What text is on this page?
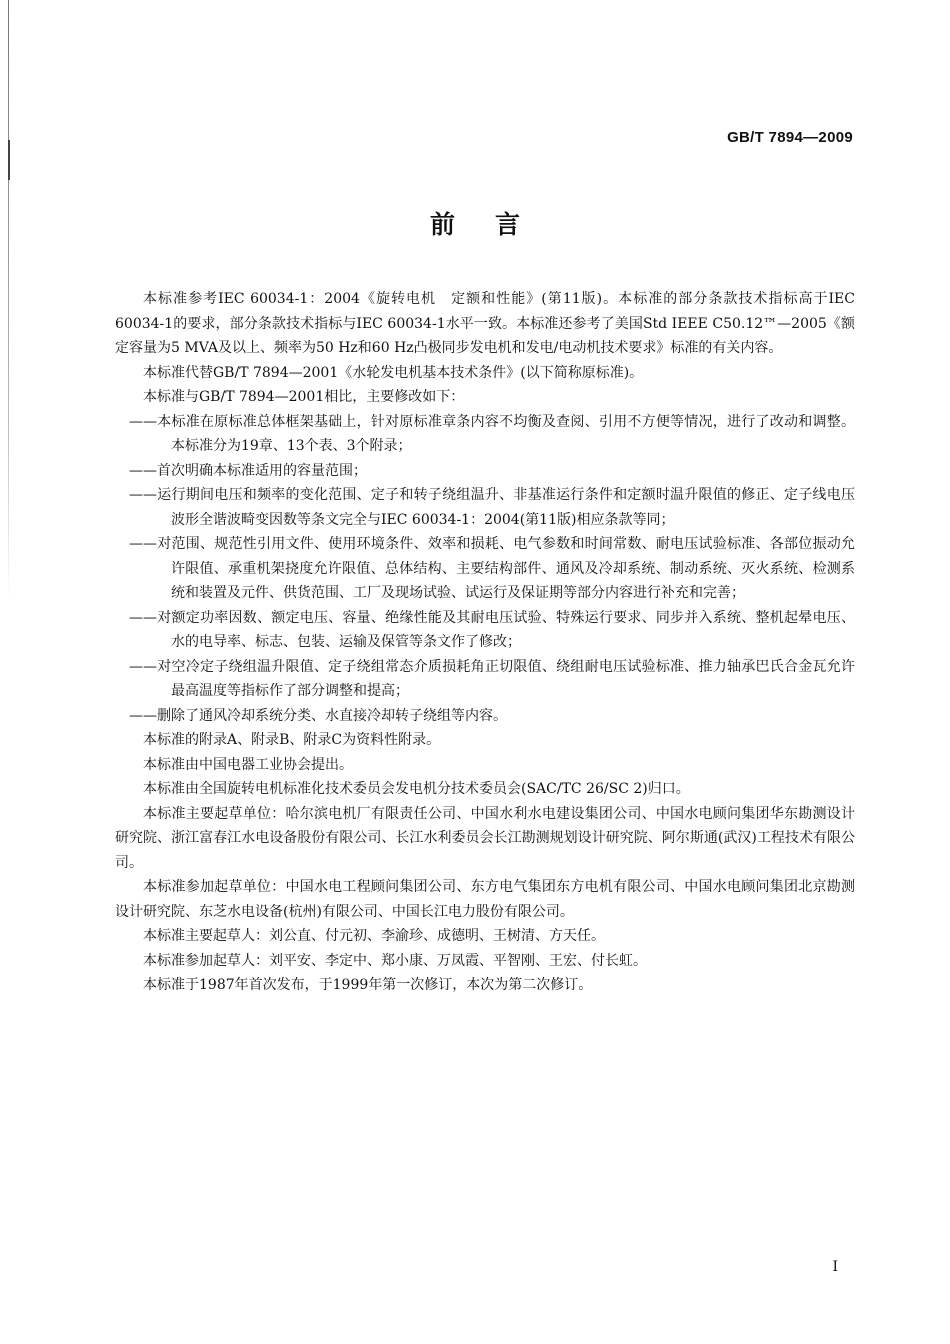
GB/T 7894—2009
前言

本标准参考IEC 60034-1：2004《旋转电机　定额和性能》(第11版)。本标准的部分条款技术指标高于IEC 60034-1的要求，部分条款技术指标与IEC 60034-1水平一致。本标准还参考了美国Std IEEE C50.12™—2005《额定容量为5 MVA及以上、频率为50 Hz和60 Hz凸极同步发电机和发电/电动机技术要求》标准的有关内容。

本标准代替GB/T 7894—2001《水轮发电机基本技术条件》(以下简称原标准)。

本标准与GB/T 7894—2001相比，主要修改如下：

——本标准在原标准总体框架基础上，针对原标准章条内容不均衡及查阅、引用不方便等情况，进行了改动和调整。本标准分为19章、13个表、3个附录；

——首次明确本标准适用的容量范围；

——运行期间电压和频率的变化范围、定子和转子绕组温升、非基准运行条件和定额时温升限值的修正、定子线电压波形全谐波畸变因数等条文完全与IEC 60034-1：2004(第11版)相应条款等同；

——对范围、规范性引用文件、使用环境条件、效率和损耗、电气参数和时间常数、耐电压试验标准、各部位振动允许限值、承重机架挠度允许限值、总体结构、主要结构部件、通风及冷却系统、制动系统、灭火系统、检测系统和装置及元件、供货范围、工厂及现场试验、试运行及保证期等部分内容进行补充和完善；

——对额定功率因数、额定电压、容量、绝缘性能及其耐电压试验、特殊运行要求、同步并入系统、整机起晕电压、水的电导率、标志、包装、运输及保管等条文作了修改；

——对空冷定子绕组温升限值、定子绕组常态介质损耗角正切限值、绕组耐电压试验标准、推力轴承巴氏合金瓦允许最高温度等指标作了部分调整和提高；

——删除了通风冷却系统分类、水直接冷却转子绕组等内容。

本标准的附录A、附录B、附录C为资料性附录。

本标准由中国电器工业协会提出。

本标准由全国旋转电机标准化技术委员会发电机分技术委员会(SAC/TC 26/SC 2)归口。

本标准主要起草单位：哈尔滨电机厂有限责任公司、中国水利水电建设集团公司、中国水电顾问集团华东勘测设计研究院、浙江富春江水电设备股份有限公司、长江水利委员会长江勘测规划设计研究院、阿尔斯通(武汉)工程技术有限公司。

本标准参加起草单位：中国水电工程顾问集团公司、东方电气集团东方电机有限公司、中国水电顾问集团北京勘测设计研究院、东芝水电设备(杭州)有限公司、中国长江电力股份有限公司。

本标准主要起草人：刘公直、付元初、李渝珍、成德明、王树清、方天任。

本标准参加起草人：刘平安、李定中、郑小康、万凤霞、平智刚、王宏、付长虹。

本标准于1987年首次发布，于1999年第一次修订，本次为第二次修订。

I
